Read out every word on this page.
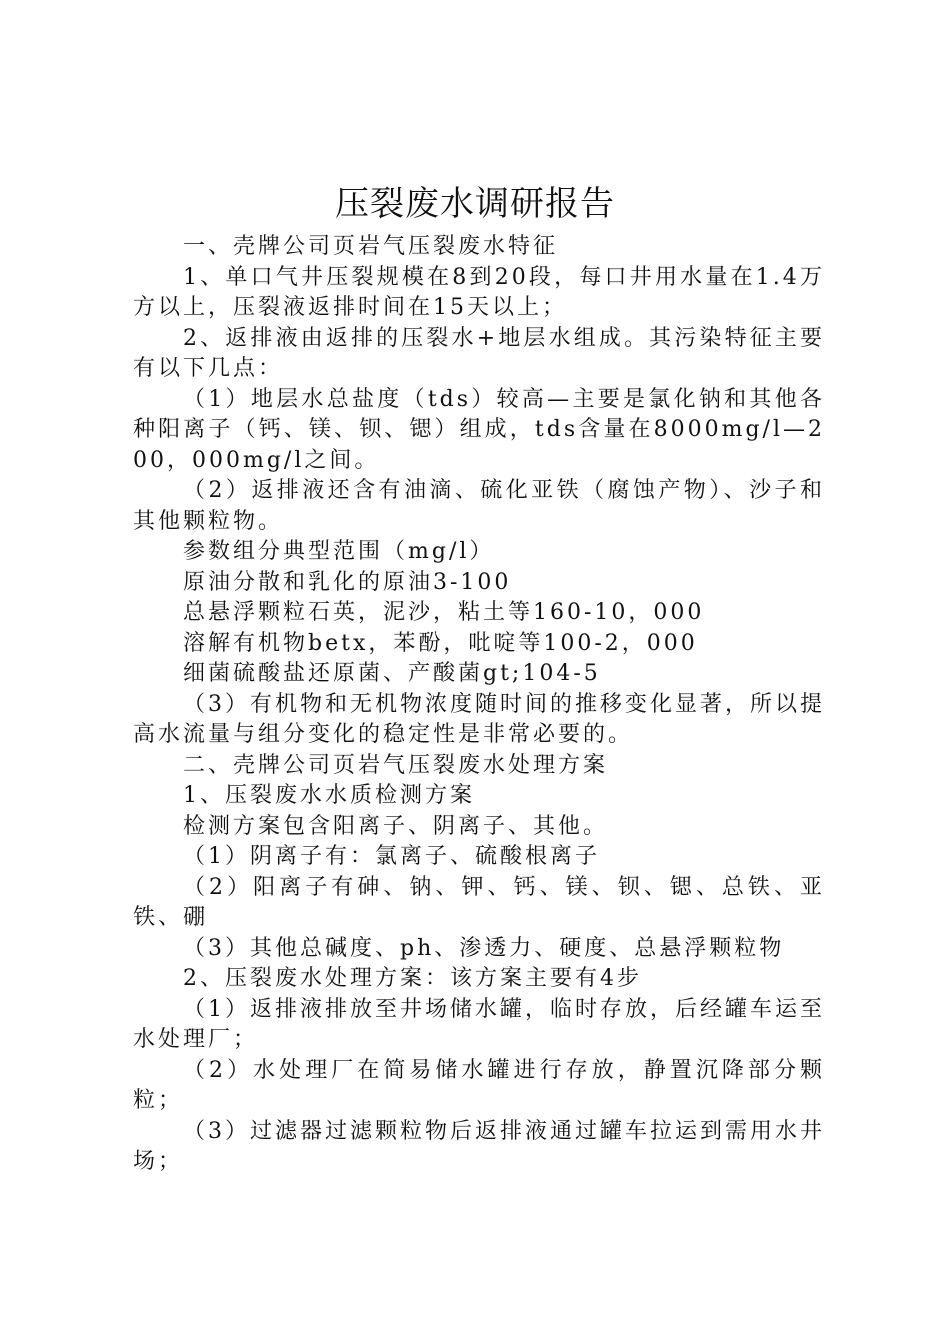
压裂废水调研报告

一、壳牌公司页岩气压裂废水特征

1、单口气井压裂规模在8到20段，每口井用水量在1.4万方以上，压裂液返排时间在15天以上；

2、返排液由返排的压裂水+地层水组成。其污染特征主要有以下几点：

（1）地层水总盐度（tds）较高—主要是氯化钠和其他各种阳离子（钙、镁、钡、锶）组成，tds含量在8000mg/l—200，000mg/l之间。

（2）返排液还含有油滴、硫化亚铁（腐蚀产物）、沙子和其他颗粒物。

参数组分典型范围（mg/l）

原油分散和乳化的原油3-100

总悬浮颗粒石英，泥沙，粘土等160-10，000

溶解有机物betx，苯酚，吡啶等100-2，000

细菌硫酸盐还原菌、产酸菌gt;104-5

（3）有机物和无机物浓度随时间的推移变化显著，所以提高水流量与组分变化的稳定性是非常必要的。

二、壳牌公司页岩气压裂废水处理方案

1、压裂废水水质检测方案

检测方案包含阳离子、阴离子、其他。

（1）阴离子有：氯离子、硫酸根离子

（2）阳离子有砷、钠、钾、钙、镁、钡、锶、总铁、亚铁、硼

（3）其他总碱度、ph、渗透力、硬度、总悬浮颗粒物

2、压裂废水处理方案：该方案主要有4步

（1）返排液排放至井场储水罐，临时存放，后经罐车运至水处理厂；

（2）水处理厂在简易储水罐进行存放，静置沉降部分颗粒；

（3）过滤器过滤颗粒物后返排液通过罐车拉运到需用水井场；
